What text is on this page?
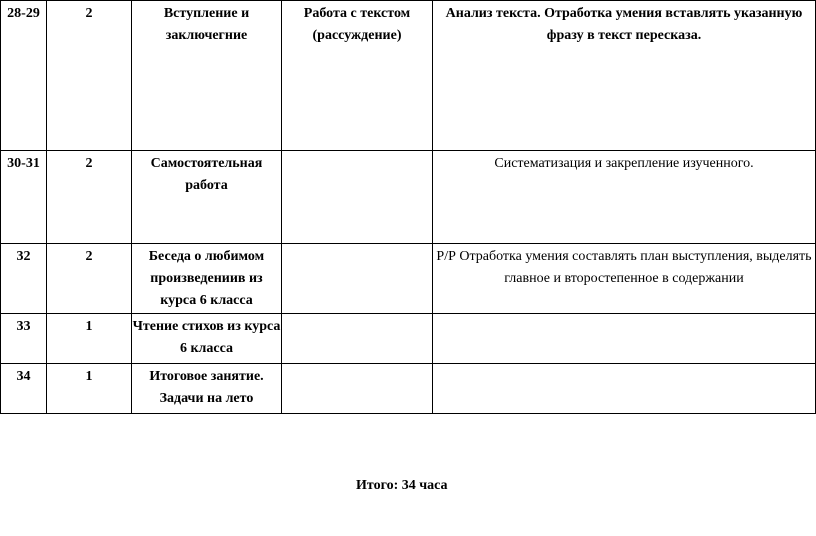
28-29	2	Вступление и заключегние	Работа с текстом (рассуждение)	Анализ текста. Отработка умения вставлять указанную фразу в текст пересказа.
30-31	2	Самостоятельная работа		Систематизация и закрепление изученного.
32	2	Беседа о любимом произведениив из курса 6 класса		Р/Р Отработка умения составлять план выступления, выделять главное и второстепенное в содержании
33	1	Чтение стихов из курса 6 класса		
34	1	Итоговое занятие. Задачи на лето		
Итого: 34 часа
